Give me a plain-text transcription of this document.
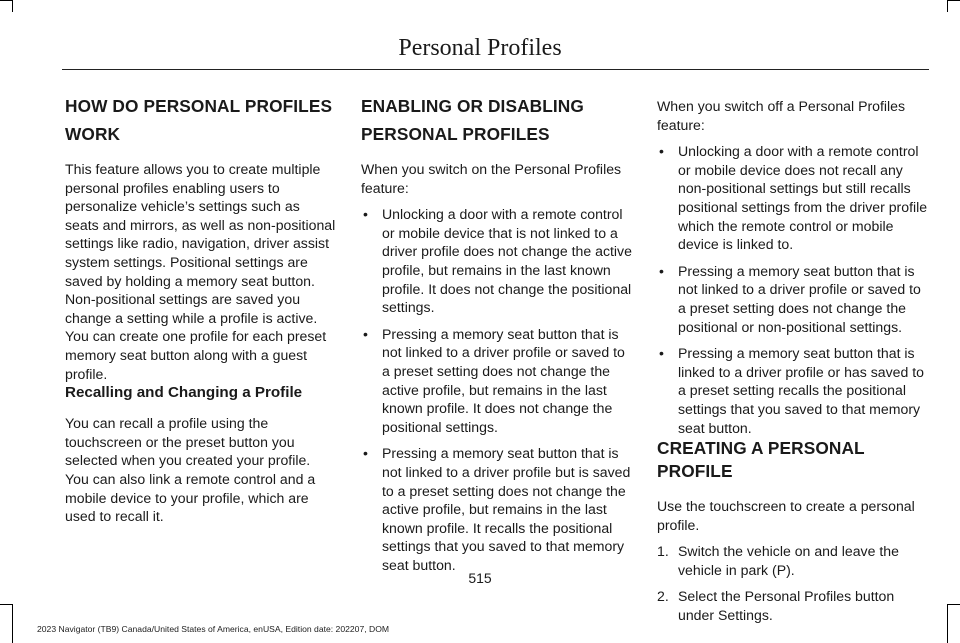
Personal Profiles
HOW DO PERSONAL PROFILES
WORK

This feature allows you to create multiple personal profiles enabling users to personalize vehicle’s settings such as seats and mirrors, as well as non-positional settings like radio, navigation, driver assist system settings. Positional settings are saved by holding a memory seat button. Non-positional settings are saved you change a setting while a profile is active. You can create one profile for each preset memory seat button along with a guest profile.

Recalling and Changing a Profile

You can recall a profile using the touchscreen or the preset button you selected when you created your profile. You can also link a remote control and a mobile device to your profile, which are used to recall it.

ENABLING OR DISABLING
PERSONAL PROFILES

When you switch on the Personal Profiles feature:

• Unlocking a door with a remote control or mobile device that is not linked to a driver profile does not change the active profile, but remains in the last known profile. It does not change the positional settings.
• Pressing a memory seat button that is not linked to a driver profile or saved to a preset setting does not change the active profile, but remains in the last known profile. It does not change the positional settings.
• Pressing a memory seat button that is not linked to a driver profile but is saved to a preset setting does not change the active profile, but remains in the last known profile. It recalls the positional settings that you saved to that memory seat button.

When you switch off a Personal Profiles feature:

• Unlocking a door with a remote control or mobile device does not recall any non-positional settings but still recalls positional settings from the driver profile which the remote control or mobile device is linked to.
• Pressing a memory seat button that is not linked to a driver profile or saved to a preset setting does not change the positional or non-positional settings.
• Pressing a memory seat button that is linked to a driver profile or has saved to a preset setting recalls the positional settings that you saved to that memory seat button.
CREATING A PERSONAL PROFILE

Use the touchscreen to create a personal profile.

1. Switch the vehicle on and leave the vehicle in park (P).
2. Select the Personal Profiles button under Settings.
515
2023 Navigator (TB9) Canada/United States of America, enUSA, Edition date: 202207, DOM
